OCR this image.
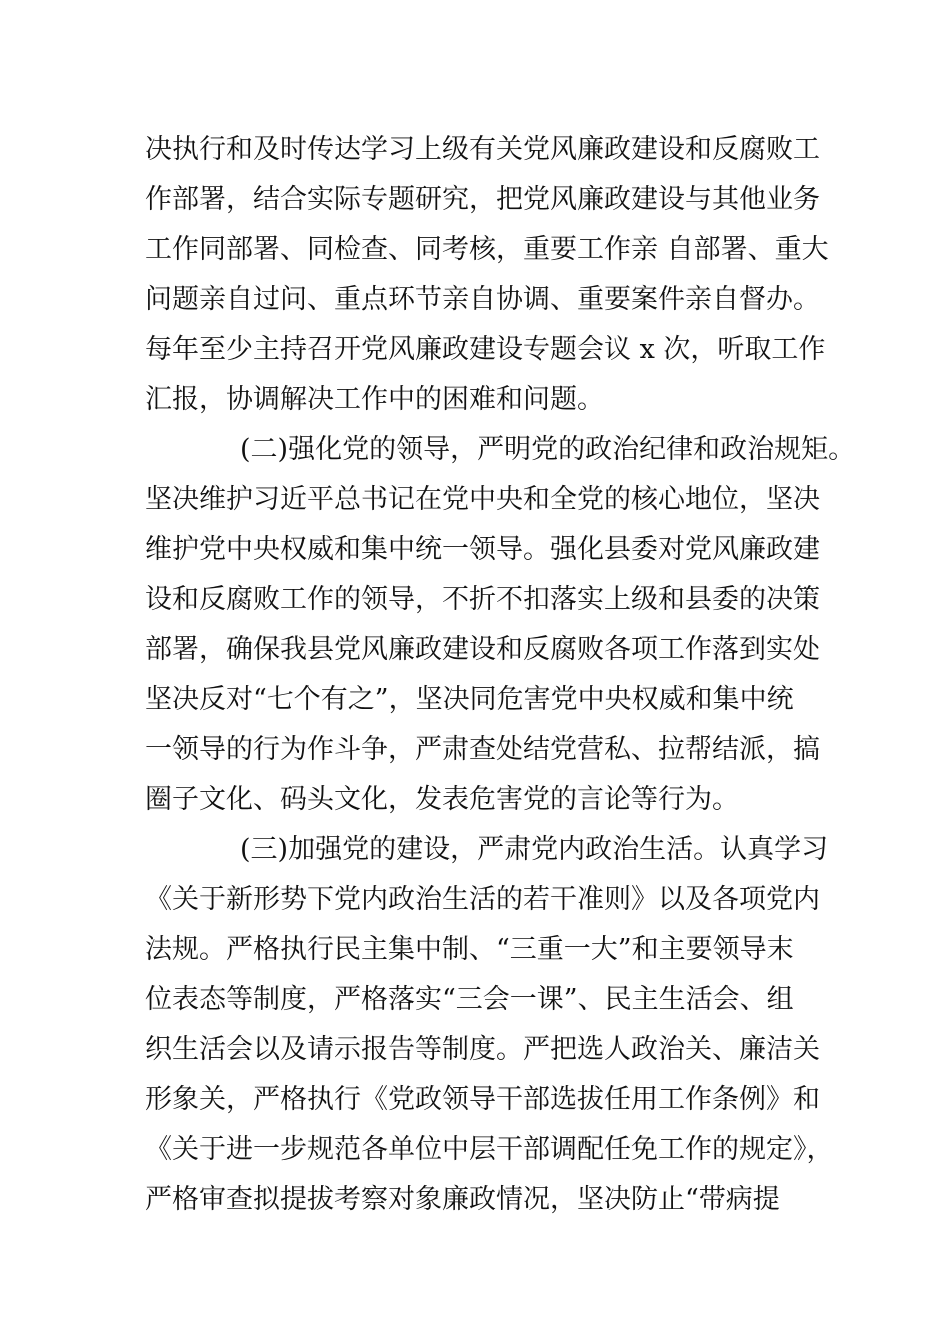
决执行和及时传达学习上级有关党风廉政建设和反腐败工
作部署，结合实际专题研究，把党风廉政建设与其他业务
工作同部署、同检查、同考核，重要工作亲 自部署、重大
问题亲自过问、重点环节亲自协调、重要案件亲自督办。
每年至少主持召开党风廉政建设专题会议 x 次，听取工作
汇报，协调解决工作中的困难和问题。
(二)强化党的领导，严明党的政治纪律和政治规矩。
坚决维护习近平总书记在党中央和全党的核心地位，坚决
维护党中央权威和集中统一领导。强化县委对党风廉政建
设和反腐败工作的领导，不折不扣落实上级和县委的决策
部署，确保我县党风廉政建设和反腐败各项工作落到实处
坚决反对“七个有之”，坚决同危害党中央权威和集中统
一领导的行为作斗争，严肃查处结党营私、拉帮结派，搞
圈子文化、码头文化，发表危害党的言论等行为。
(三)加强党的建设，严肃党内政治生活。认真学习
《关于新形势下党内政治生活的若干准则》以及各项党内
法规。严格执行民主集中制、“三重一大”和主要领导末
位表态等制度，严格落实“三会一课”、民主生活会、组
织生活会以及请示报告等制度。严把选人政治关、廉洁关
形象关，严格执行《党政领导干部选拔任用工作条例》和
《关于进一步规范各单位中层干部调配任免工作的规定》，
严格审查拟提拔考察对象廉政情况，坚决防止“带病提
